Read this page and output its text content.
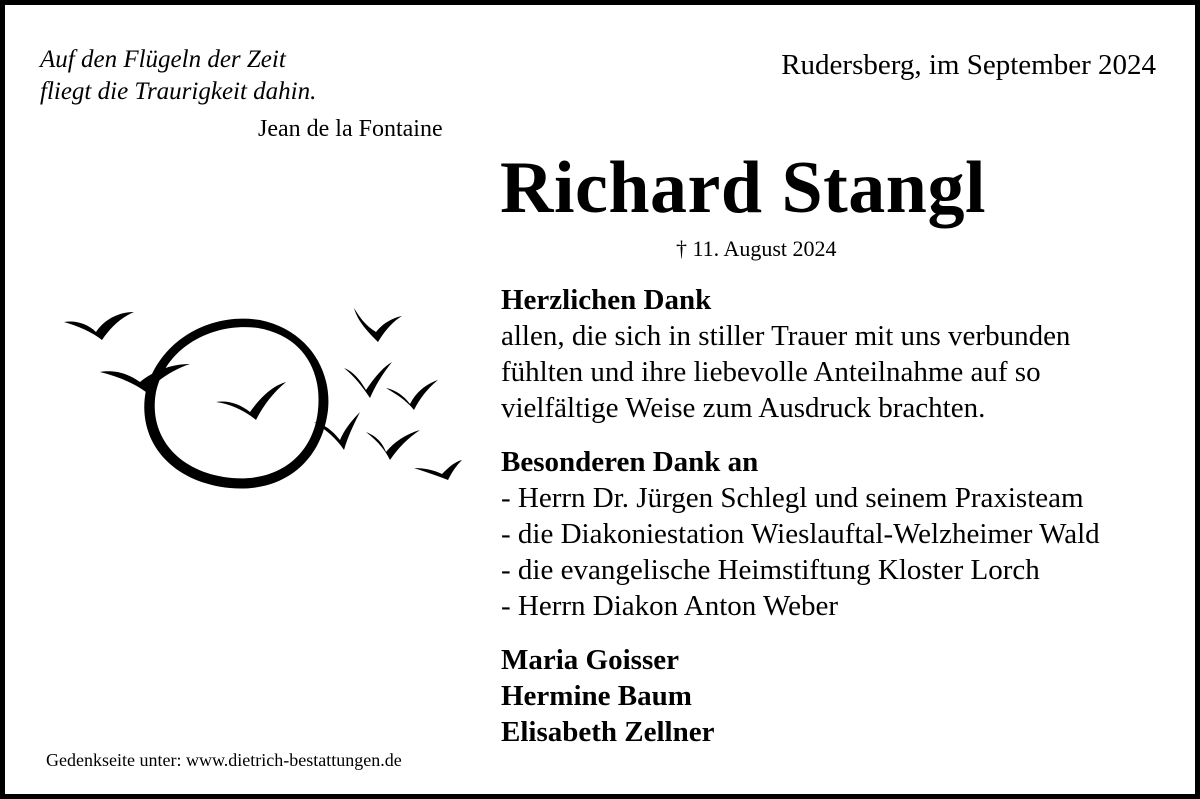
Auf den Flügeln der Zeit
fliegt die Traurigkeit dahin.
Jean de la Fontaine
Rudersberg, im September 2024
Richard Stangl
† 11. August 2024
Herzlichen Dank
allen, die sich in stiller Trauer mit uns verbunden
fühlten und ihre liebevolle Anteilnahme auf so
vielfältige Weise zum Ausdruck brachten.
Besonderen Dank an
- Herrn Dr. Jürgen Schlegl und seinem Praxisteam
- die Diakoniestation Wieslauftal-Welzheimer Wald
- die evangelische Heimstiftung Kloster Lorch
- Herrn Diakon Anton Weber
Maria Goisser
Hermine Baum
Elisabeth Zellner
Gedenkseite unter: www.dietrich-bestattungen.de
